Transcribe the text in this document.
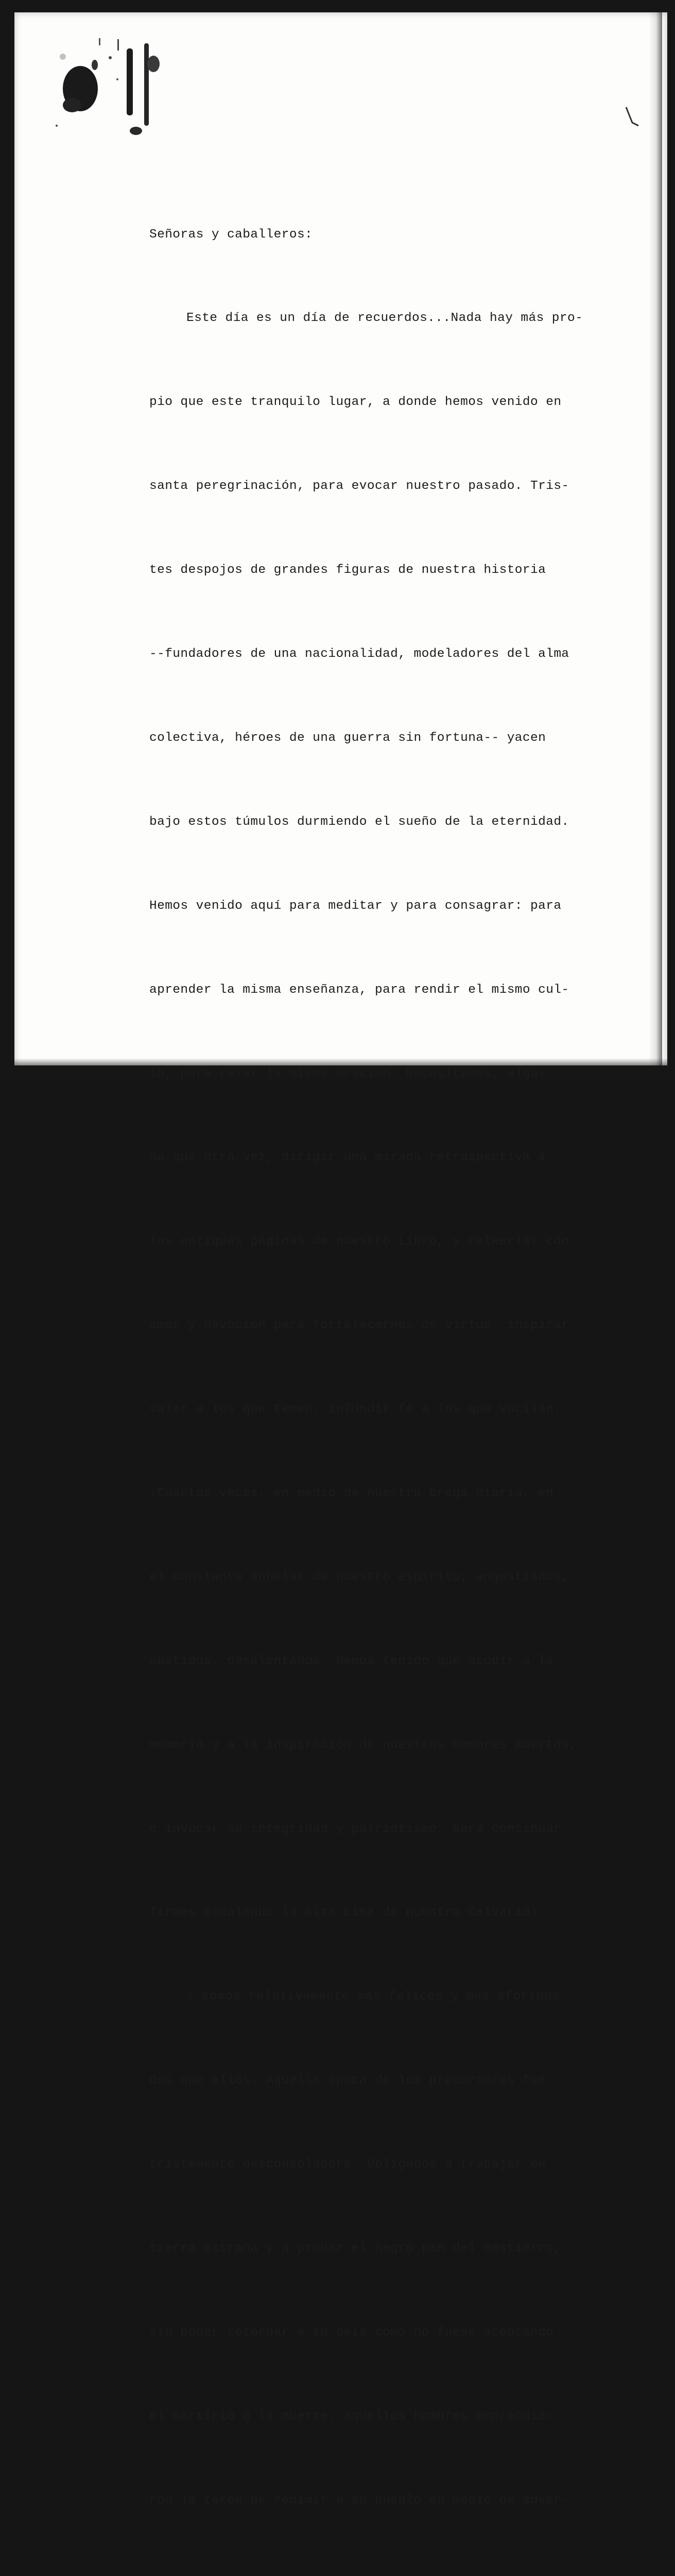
Señoras y caballeros:

Este día es un día de recuerdos...Nada hay más pro-

pio que este tranquilo lugar, a donde hemos venido en

santa peregrinación, para evocar nuestro pasado. Tris-

tes despojos de grandes figuras de nuestra historia

--fundadores de una nacionalidad, modeladores del alma

colectiva, héroes de una guerra sin fortuna-- yacen

bajo estos túmulos durmiendo el sueño de la eternidad.

Hemos venido aquí para meditar y para consagrar: para

aprender la misma enseñanza, para rendir el mismo cul-

to, para rezar la misma oración. Necesitamos, algu-

na que otra vez, dirigir una mirada retrospectiva a

las antiguas páginas de nuestro Libro, y releerlas con

amor y devoción para fortalecernos de virtud, inspirar

valor a los que temen, infundir fe a los que vacilan.

¡Cuántas veces, en medio de nuestra brega diaria, en

el constante anhelar de nuestro espíritu, angustiados,

abatidos, desalentados, hemos tenido que acudir a la

memoria y a la inspiración de nuestros hombres muertos,

e invocar su integridad y patriotismo, para continuar

firmes escalando la alta cima de nuestro Calvario!

Y somos relativamente más felices y más afortuna-

dos que ellos. Aquella época de los precursores fué

tristemente desconsoladora. Obligados a trabajar en

tierra extraña y a probar el negro pan del destierro,

sin poder retornar a su país como no fuese aceptando

el martirio o la muerte, aquellos hombres emprendie-

ron la tarea de redimir a su pueblo en medio de adver-
